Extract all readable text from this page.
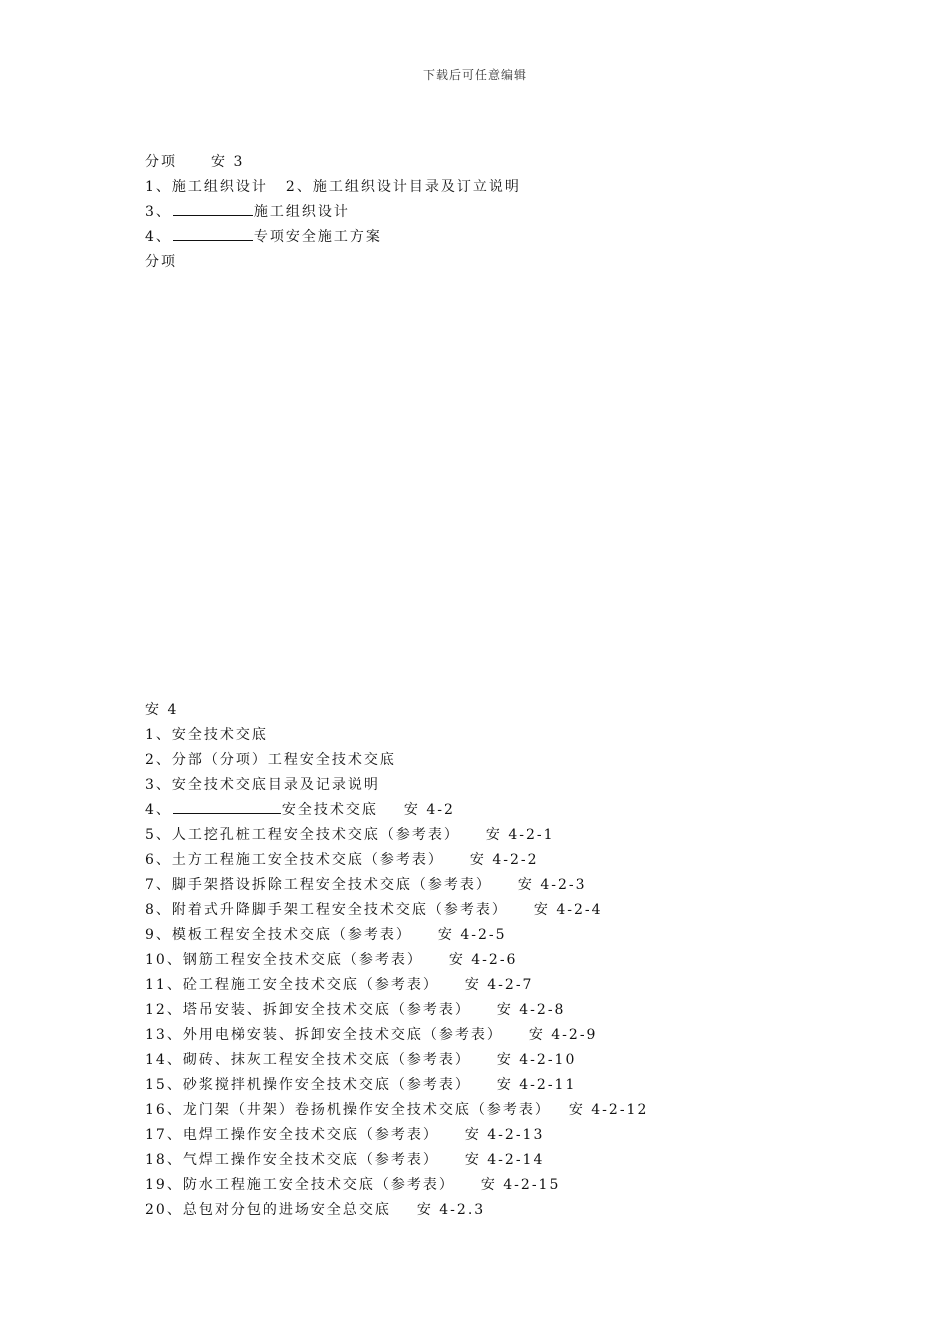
下载后可任意编辑
分项 安 3
1、施工组织设计 2、施工组织设计目录及订立说明
3、	施工组织设计
4、	专项安全施工方案
分项
安 4
1、安全技术交底
2、分部（分项）工程安全技术交底
3、安全技术交底目录及记录说明
4、	安全技术交底 安 4-2
5、人工挖孔桩工程安全技术交底（参考表） 安 4-2-1
6、土方工程施工安全技术交底（参考表） 安 4-2-2
7、脚手架搭设拆除工程安全技术交底（参考表） 安 4-2-3
8、附着式升降脚手架工程安全技术交底（参考表） 安 4-2-4
9、模板工程安全技术交底（参考表） 安 4-2-5
10、钢筋工程安全技术交底（参考表） 安 4-2-6
11、砼工程施工安全技术交底（参考表） 安 4-2-7
12、塔吊安装、拆卸安全技术交底（参考表） 安 4-2-8
13、外用电梯安装、拆卸安全技术交底（参考表） 安 4-2-9
14、砌砖、抹灰工程安全技术交底（参考表） 安 4-2-10
15、砂浆搅拌机操作安全技术交底（参考表） 安 4-2-11
16、龙门架（井架）卷扬机操作安全技术交底（参考表） 安 4-2-12
17、电焊工操作安全技术交底（参考表） 安 4-2-13
18、气焊工操作安全技术交底（参考表） 安 4-2-14
19、防水工程施工安全技术交底（参考表） 安 4-2-15
20、总包对分包的进场安全总交底 安 4-2.3
